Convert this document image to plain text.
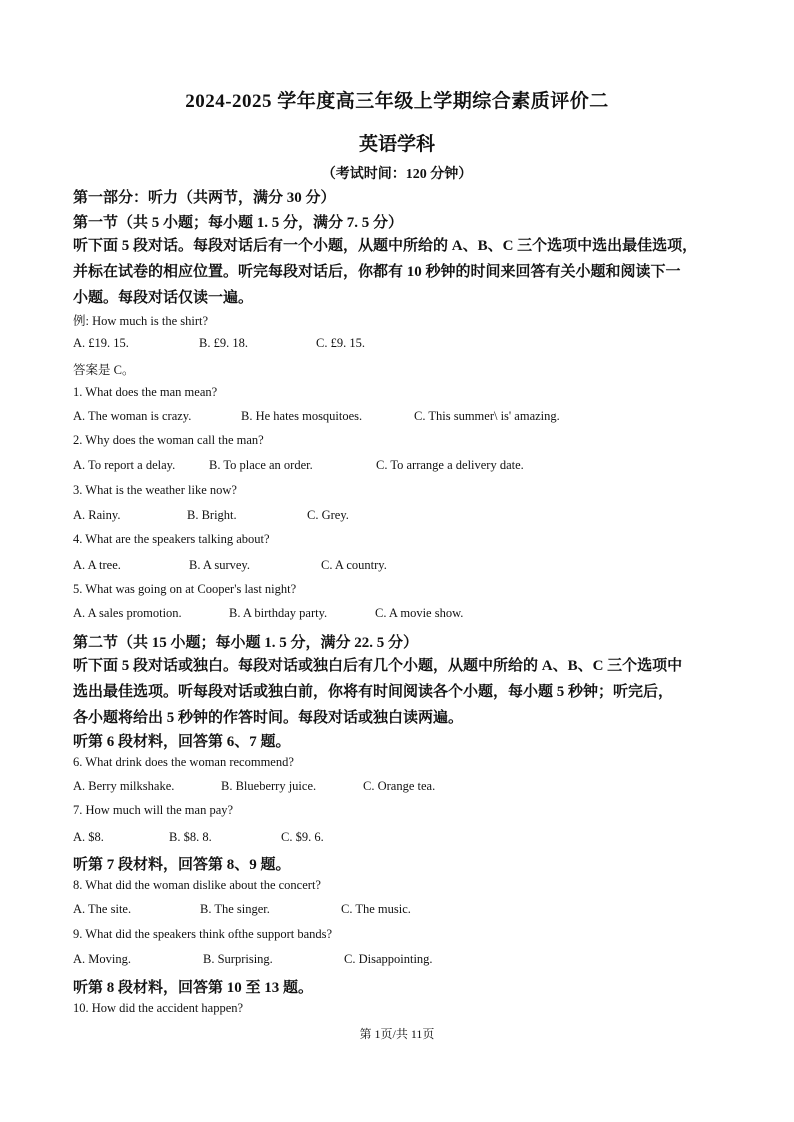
2024-2025 学年度高三年级上学期综合素质评价二
英语学科
（考试时间：120 分钟）
第一部分：听力（共两节，满分 30 分）
第一节（共 5 小题；每小题 1. 5 分，满分 7. 5 分）
听下面 5 段对话。每段对话后有一个小题，从题中所给的 A、B、C 三个选项中选出最佳选项，
并标在试卷的相应位置。听完每段对话后，你都有 10 秒钟的时间来回答有关小题和阅读下一
小题。每段对话仅读一遍。
例: How much is the shirt?
A. £19. 15.	B. £9. 18.	C. £9. 15.
答案是 C。
1. What does the man mean?
A. The woman is crazy.	B. He hates mosquitoes.	C. This summer\ is' amazing.
2. Why does the woman call the man?
A. To report a delay.	B. To place an order.	C. To arrange a delivery date.
3. What is the weather like now?
A. Rainy.	B. Bright.	C. Grey.
4. What are the speakers talking about?
A. A tree.	B. A survey.	C. A country.
5. What was going on at Cooper's last night?
A. A sales promotion.	B. A birthday party.	C. A movie show.
第二节（共 15 小题；每小题 1. 5 分，满分 22. 5 分）
听下面 5 段对话或独白。每段对话或独白后有几个小题，从题中所给的 A、B、C 三个选项中
选出最佳选项。听每段对话或独白前，你将有时间阅读各个小题，每小题 5 秒钟；听完后，
各小题将给出 5 秒钟的作答时间。每段对话或独白读两遍。
听第 6 段材料，回答第 6、7 题。
6. What drink does the woman recommend?
A. Berry milkshake.	B. Blueberry juice.	C. Orange tea.
7. How much will the man pay?
A. $8.	B. $8. 8.	C. $9. 6.
听第 7 段材料，回答第 8、9 题。
8. What did the woman dislike about the concert?
A. The site.	B. The singer.	C. The music.
9. What did the speakers think ofthe support bands?
A. Moving.	B. Surprising.	C. Disappointing.
听第 8 段材料，回答第 10 至 13 题。
10. How did the accident happen?
第 1页/共 11页
